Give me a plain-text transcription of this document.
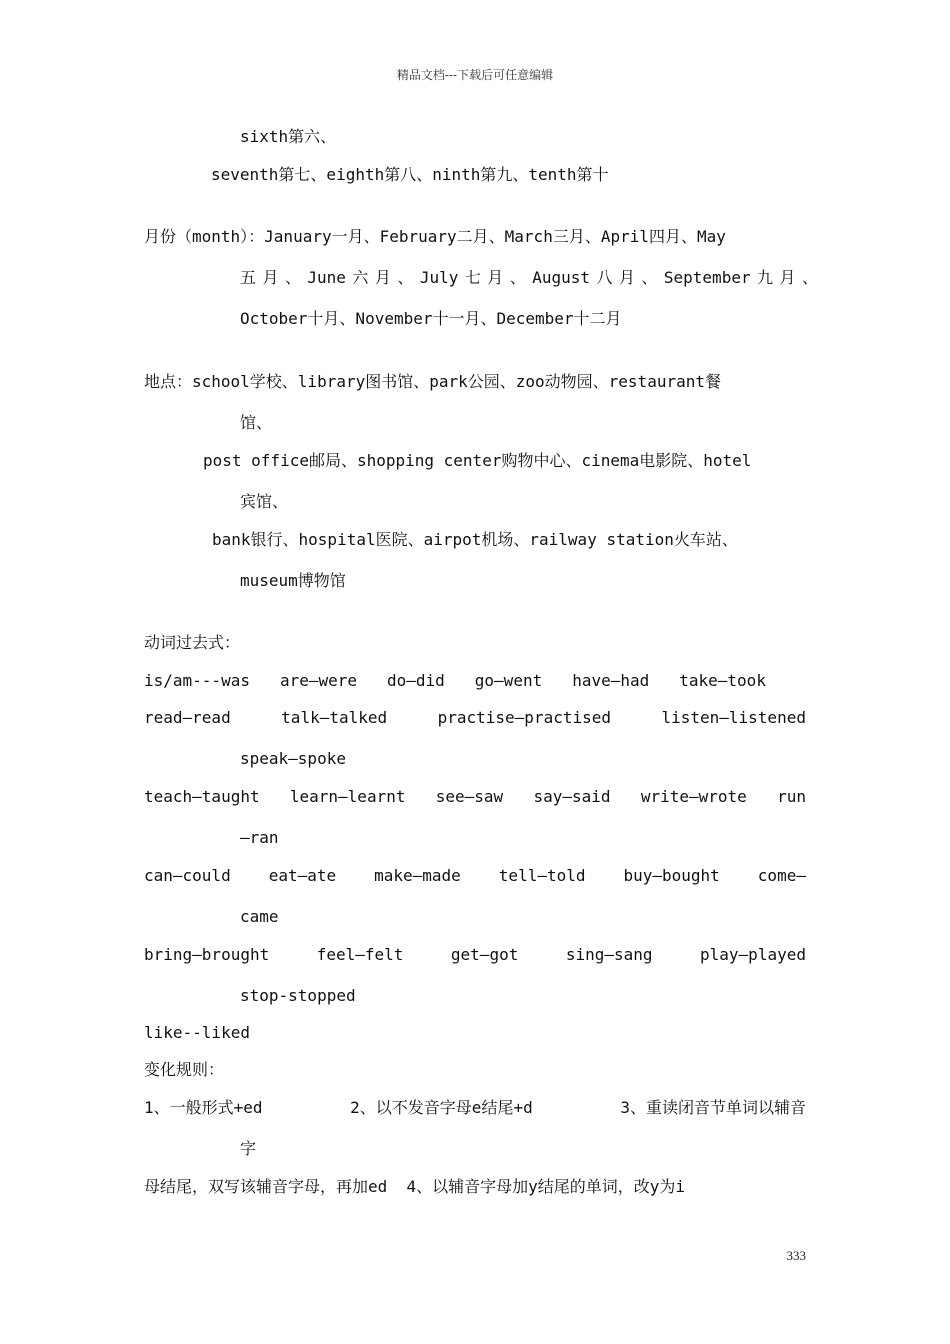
精品文档---下载后可任意编辑
sixth第六、
seventh第七、eighth第八、ninth第九、tenth第十
月份（month）：January一月、February二月、March三月、April四月、May
五月、June六月、July七月、August八月、September九月、
October十月、November十一月、December十二月
地点：school学校、library图书馆、park公园、zoo动物园、restaurant餐
馆、
post office邮局、shopping center购物中心、cinema电影院、hotel
宾馆、
bank银行、hospital医院、airpot机场、railway station火车站、
museum博物馆
动词过去式：
is/am---was are—were do—did go—went have—had take—took
read—read	talk—talked	practise—practised	listen—listened
speak—spoke
teach—taught learn—learnt see—saw say—said write—wrote run
—ran
can—could eat—ate make—made tell—told buy—bought come—
came
bring—brought	feel—felt	get—got	sing—sang	play—played
stop-stopped
like--liked
变化规则：
1、一般形式+ed	2、以不发音字母e结尾+d	3、重读闭音节单词以辅音
字
母结尾，双写该辅音字母，再加ed  4、以辅音字母加y结尾的单词，改y为i
333
